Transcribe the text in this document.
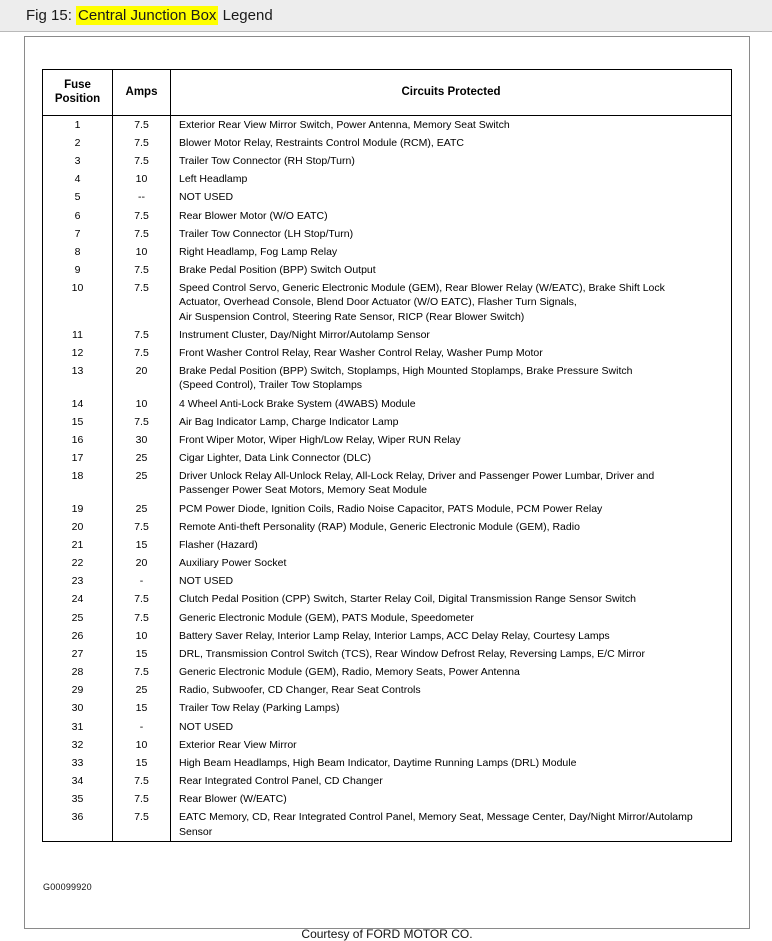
Fig 15: Central Junction Box Legend
Fuse
Position	Amps	Circuits Protected
1	7.5	Exterior Rear View Mirror Switch, Power Antenna, Memory Seat Switch

2	7.5	Blower Motor Relay, Restraints Control Module (RCM), EATC

3	7.5	Trailer Tow Connector (RH Stop/Turn)

4	10	Left Headlamp

5	--	NOT USED

6	7.5	Rear Blower Motor (W/O EATC)

7	7.5	Trailer Tow Connector (LH Stop/Turn)

8	10	Right Headlamp, Fog Lamp Relay

9	7.5	Brake Pedal Position (BPP) Switch Output

10	7.5	Speed Control Servo, Generic Electronic Module (GEM), Rear Blower Relay (W/EATC), Brake Shift Lock
Actuator, Overhead Console, Blend Door Actuator (W/O EATC), Flasher Turn Signals,
Air Suspension Control, Steering Rate Sensor, RICP (Rear Blower Switch)

11	7.5	Instrument Cluster, Day/Night Mirror/Autolamp Sensor

12	7.5	Front Washer Control Relay, Rear Washer Control Relay, Washer Pump Motor

13	20	Brake Pedal Position (BPP) Switch, Stoplamps, High Mounted Stoplamps, Brake Pressure Switch
(Speed Control), Trailer Tow Stoplamps

14	10	4 Wheel Anti-Lock Brake System (4WABS) Module

15	7.5	Air Bag Indicator Lamp, Charge Indicator Lamp

16	30	Front Wiper Motor, Wiper High/Low Relay, Wiper RUN Relay

17	25	Cigar Lighter, Data Link Connector (DLC)

18	25	Driver Unlock Relay All-Unlock Relay, All-Lock Relay, Driver and Passenger Power Lumbar, Driver and
Passenger Power Seat Motors, Memory Seat Module

19	25	PCM Power Diode, Ignition Coils, Radio Noise Capacitor, PATS Module, PCM Power Relay

20	7.5	Remote Anti-theft Personality (RAP) Module, Generic Electronic Module (GEM), Radio

21	15	Flasher (Hazard)

22	20	Auxiliary Power Socket

23	-	NOT USED

24	7.5	Clutch Pedal Position (CPP) Switch, Starter Relay Coil, Digital Transmission Range Sensor Switch

25	7.5	Generic Electronic Module (GEM), PATS Module, Speedometer

26	10	Battery Saver Relay, Interior Lamp Relay, Interior Lamps, ACC Delay Relay, Courtesy Lamps

27	15	DRL, Transmission Control Switch (TCS), Rear Window Defrost Relay, Reversing Lamps, E/C Mirror

28	7.5	Generic Electronic Module (GEM), Radio, Memory Seats, Power Antenna

29	25	Radio, Subwoofer, CD Changer, Rear Seat Controls

30	15	Trailer Tow Relay (Parking Lamps)

31	-	NOT USED

32	10	Exterior Rear View Mirror

33	15	High Beam Headlamps, High Beam Indicator, Daytime Running Lamps (DRL) Module

34	7.5	Rear Integrated Control Panel, CD Changer

35	7.5	Rear Blower (W/EATC)

36	7.5	EATC Memory, CD, Rear Integrated Control Panel, Memory Seat, Message Center, Day/Night Mirror/Autolamp Sensor
G00099920
Courtesy of FORD MOTOR CO.
